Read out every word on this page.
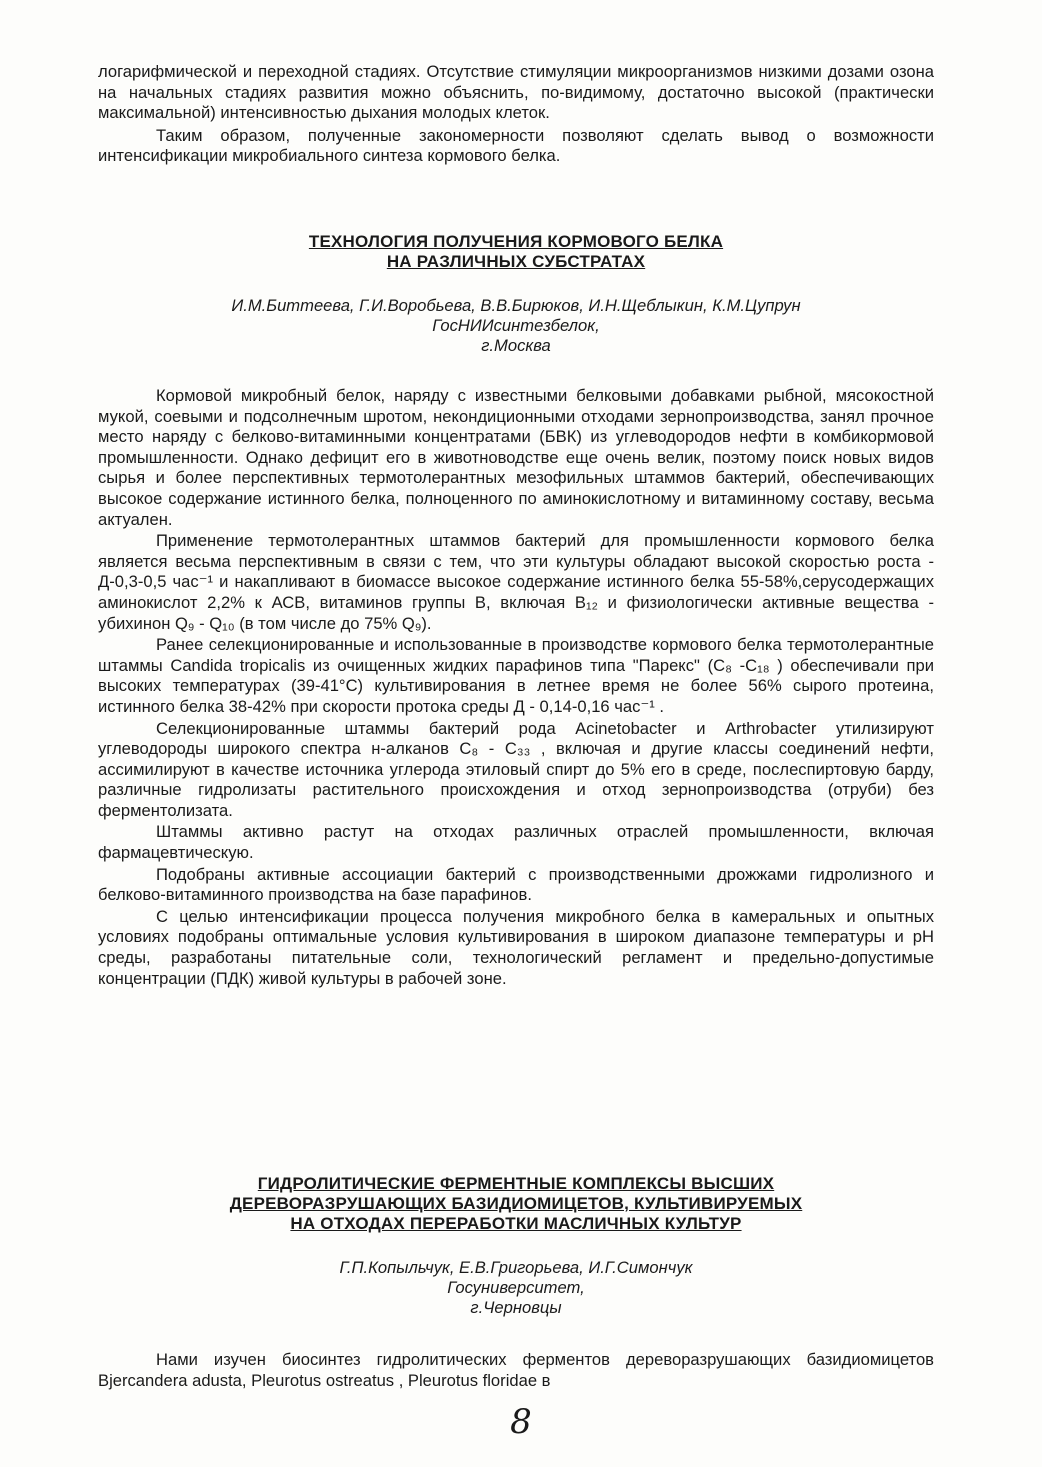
логарифмической и переходной стадиях. Отсутствие стимуляции микроорганизмов низкими дозами озона на начальных стадиях развития можно объяснить, по-видимому, достаточно высокой (практически максимальной) интенсивностью дыхания молодых клеток.

Таким образом, полученные закономерности позволяют сделать вывод о возможности интенсификации микробиального синтеза кормового белка.

ТЕХНОЛОГИЯ ПОЛУЧЕНИЯ КОРМОВОГО БЕЛКА

НА РАЗЛИЧНЫХ СУБСТРАТАХ

И.М.Биттеева, Г.И.Воробьева, В.В.Бирюков, И.Н.Щеблыкин, К.М.Цупрун

ГосНИИсинтезбелок,

г.Москва

Кормовой микробный белок, наряду с известными белковыми добавками рыбной, мясокостной мукой, соевыми и подсолнечным шротом, некондиционными отходами зернопроизводства, занял прочное место наряду с белково-витаминными концентратами (БВК) из углеводородов нефти в комбикормовой промышленности. Однако дефицит его в животноводстве еще очень велик, поэтому поиск новых видов сырья и более перспективных термотолерантных мезофильных штаммов бактерий, обеспечивающих высокое содержание истинного белка, полноценного по аминокислотному и витаминному составу, весьма актуален.

Применение термотолерантных штаммов бактерий для промышленности кормового белка является весьма перспективным в связи с тем, что эти культуры обладают высокой скоростью роста - Д-0,3-0,5 час⁻¹ и накапливают в биомассе высокое содержание истинного белка 55-58%,серусодержащих аминокислот 2,2% к АСВ, витаминов группы В, включая B₁₂ и физиологически активные вещества - убихинон Q₉ - Q₁₀ (в том числе до 75% Q₉).

Ранее селекционированные и использованные в производстве кормового белка термотолерантные штаммы Candida tropicalis из очищенных жидких парафинов типа "Парекс" (C₈ -C₁₈ ) обеспечивали при высоких температурах (39-41°C) культивирования в летнее время не более 56% сырого протеина, истинного белка 38-42% при скорости протока среды Д - 0,14-0,16 час⁻¹ .

Селекционированные штаммы бактерий рода Acinetobacter и Arthrobacter утилизируют углеводороды широкого спектра н-алканов C₈ - C₃₃ , включая и другие классы соединений нефти, ассимилируют в качестве источника углерода этиловый спирт до 5% его в среде, послеспиртовую барду, различные гидролизаты растительного происхождения и отход зернопроизводства (отруби) без ферментолизата.

Штаммы активно растут на отходах различных отраслей промышленности, включая фармацевтическую.

Подобраны активные ассоциации бактерий с производственными дрожжами гидролизного и белково-витаминного производства на базе парафинов.

С целью интенсификации процесса получения микробного белка в камеральных и опытных условиях подобраны оптимальные условия культивирования в широком диапазоне температуры и pH среды, разработаны питательные соли, технологический регламент и предельно-допустимые концентрации (ПДК) живой культуры в рабочей зоне.

ГИДРОЛИТИЧЕСКИЕ ФЕРМЕНТНЫЕ КОМПЛЕКСЫ ВЫСШИХ

ДЕРЕВОРАЗРУШАЮЩИХ БАЗИДИОМИЦЕТОВ, КУЛЬТИВИРУЕМЫХ

НА ОТХОДАХ ПЕРЕРАБОТКИ МАСЛИЧНЫХ КУЛЬТУР

Г.П.Копыльчук, Е.В.Григорьева, И.Г.Симончук

Госуниверситет,

г.Черновцы

Нами изучен биосинтез гидролитических ферментов дереворазрушающих базидиомицетов Bjercandera adusta, Pleurotus ostreatus , Pleurotus floridae в

8
